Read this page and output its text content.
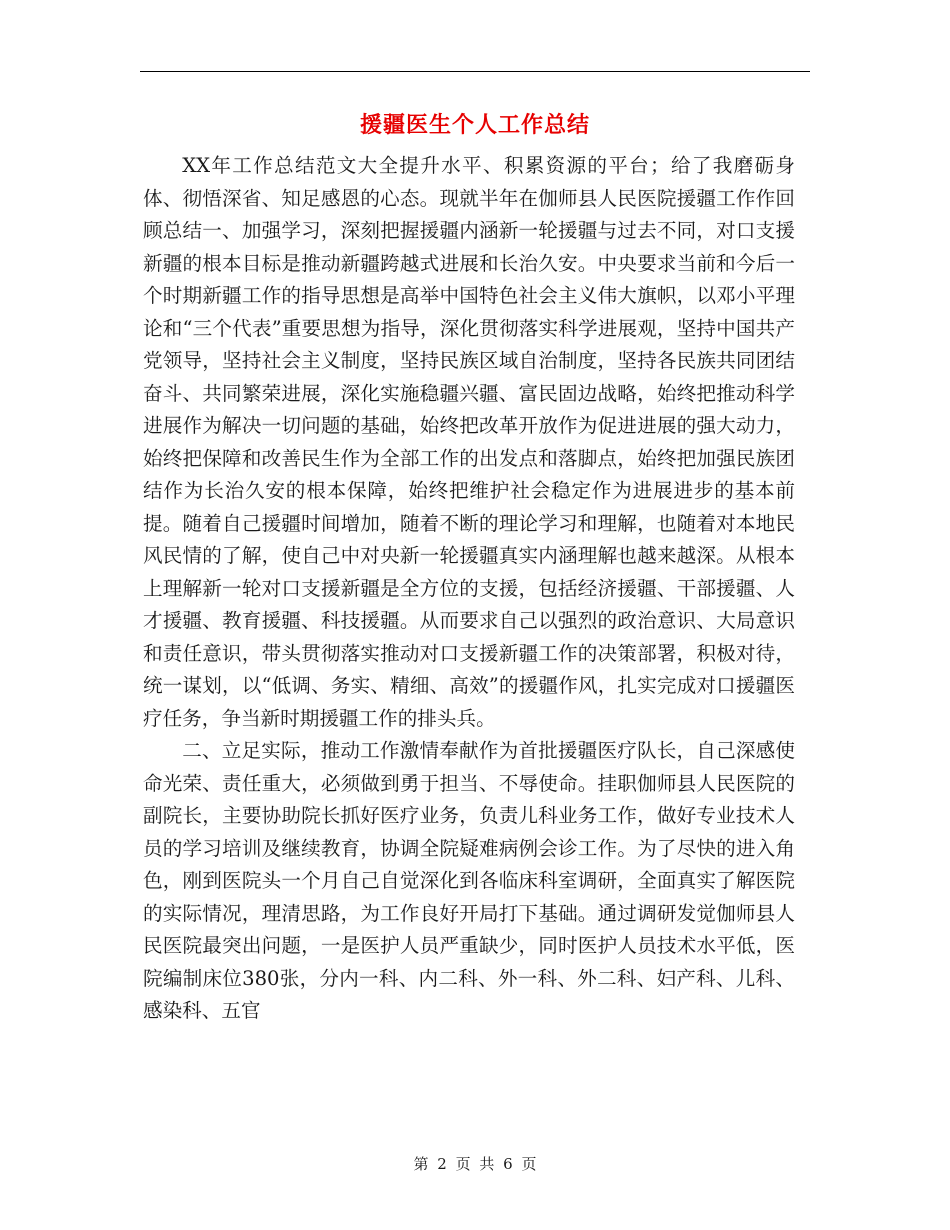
援疆医生个人工作总结

XX年工作总结范文大全提升水平、积累资源的平台；给了我磨砺身体、彻悟深省、知足感恩的心态。现就半年在伽师县人民医院援疆工作作回顾总结一、加强学习，深刻把握援疆内涵新一轮援疆与过去不同，对口支援新疆的根本目标是推动新疆跨越式进展和长治久安。中央要求当前和今后一个时期新疆工作的指导思想是高举中国特色社会主义伟大旗帜，以邓小平理论和“三个代表”重要思想为指导，深化贯彻落实科学进展观，坚持中国共产党领导，坚持社会主义制度，坚持民族区域自治制度，坚持各民族共同团结奋斗、共同繁荣进展，深化实施稳疆兴疆、富民固边战略，始终把推动科学进展作为解决一切问题的基础，始终把改革开放作为促进进展的强大动力，始终把保障和改善民生作为全部工作的出发点和落脚点，始终把加强民族团结作为长治久安的根本保障，始终把维护社会稳定作为进展进步的基本前提。随着自己援疆时间增加，随着不断的理论学习和理解，也随着对本地民风民情的了解，使自己中对央新一轮援疆真实内涵理解也越来越深。从根本上理解新一轮对口支援新疆是全方位的支援，包括经济援疆、干部援疆、人才援疆、教育援疆、科技援疆。从而要求自己以强烈的政治意识、大局意识和责任意识，带头贯彻落实推动对口支援新疆工作的决策部署，积极对待，统一谋划，以“低调、务实、精细、高效”的援疆作风，扎实完成对口援疆医疗任务，争当新时期援疆工作的排头兵。

二、立足实际，推动工作激情奉献作为首批援疆医疗队长，自己深感使命光荣、责任重大，必须做到勇于担当、不辱使命。挂职伽师县人民医院的副院长，主要协助院长抓好医疗业务，负责儿科业务工作，做好专业技术人员的学习培训及继续教育，协调全院疑难病例会诊工作。为了尽快的进入角色，刚到医院头一个月自己自觉深化到各临床科室调研，全面真实了解医院的实际情况，理清思路，为工作良好开局打下基础。通过调研发觉伽师县人民医院最突出问题，一是医护人员严重缺少，同时医护人员技术水平低，医院编制床位380张，分内一科、内二科、外一科、外二科、妇产科、儿科、感染科、五官

第 2 页 共 6 页
